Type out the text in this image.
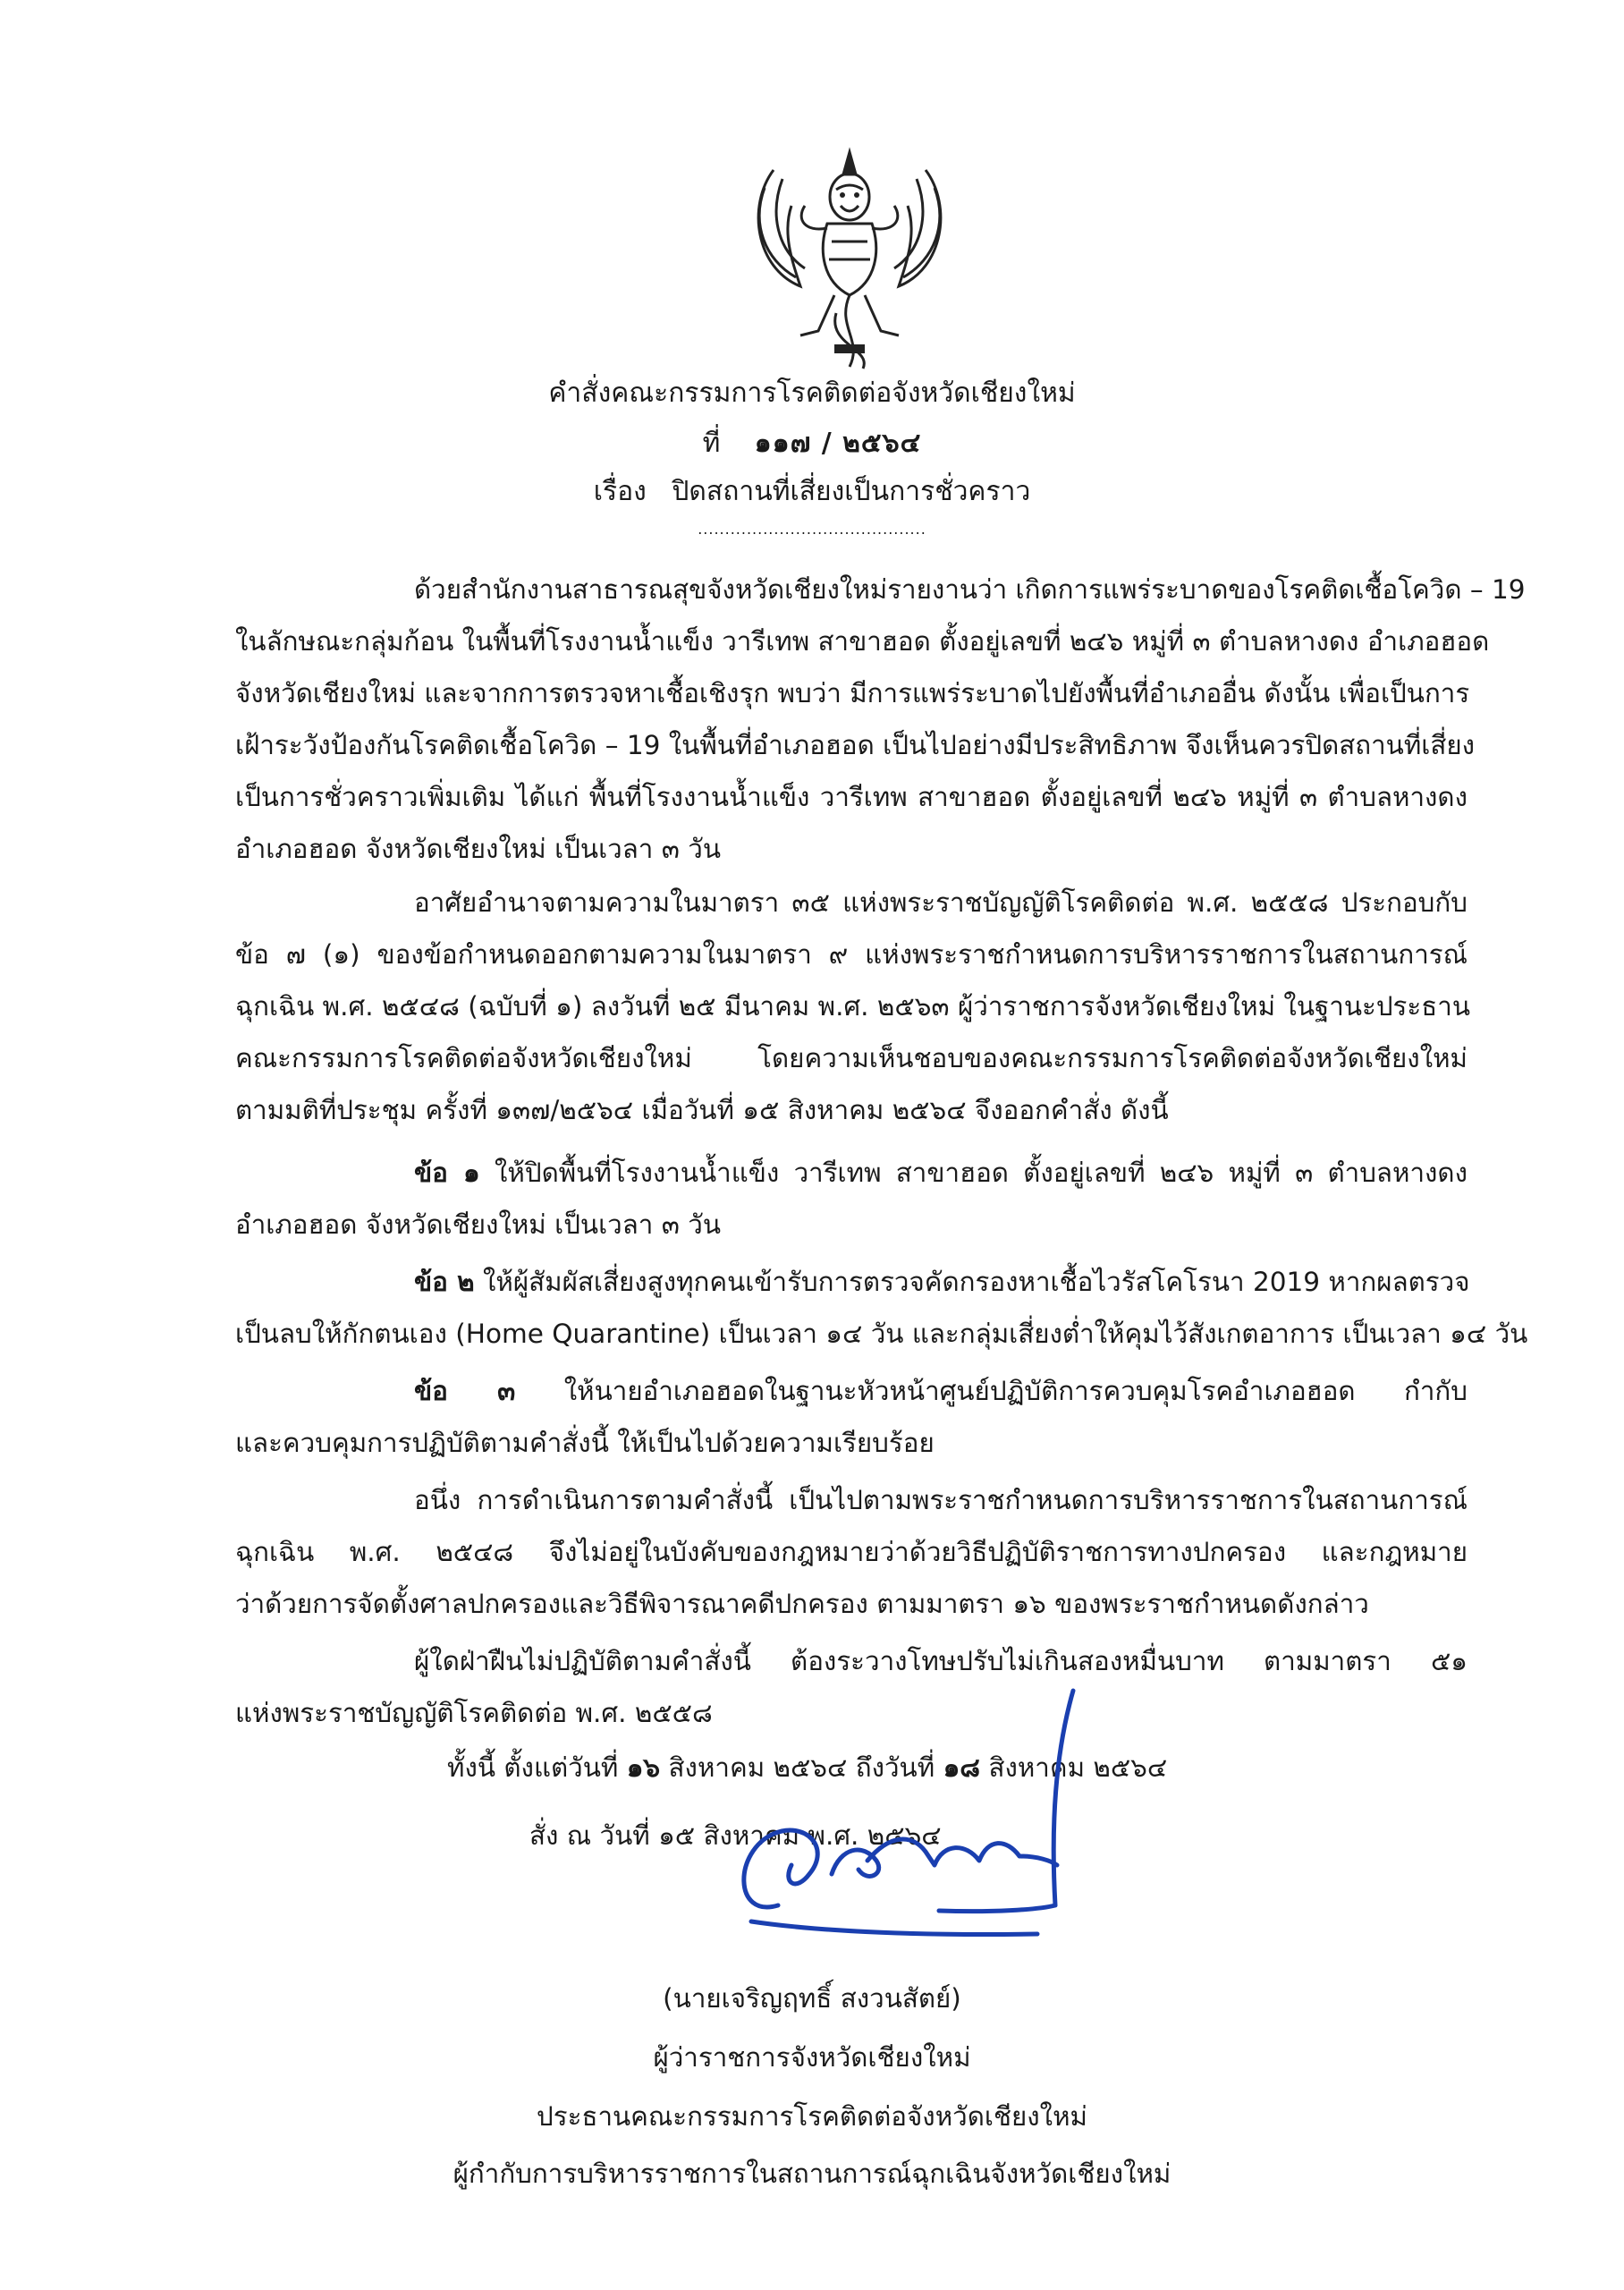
คำสั่งคณะกรรมการโรคติดต่อจังหวัดเชียงใหม่
ที่ ๑๑๗ / ๒๕๖๔
เรื่อง ปิดสถานที่เสี่ยงเป็นการชั่วคราว
..........................................
ด้วยสำนักงานสาธารณสุขจังหวัดเชียงใหม่รายงานว่า เกิดการแพร่ระบาดของโรคติดเชื้อโควิด – 19
ในลักษณะกลุ่มก้อน ในพื้นที่โรงงานน้ำแข็ง วารีเทพ สาขาฮอด ตั้งอยู่เลขที่ ๒๔๖ หมู่ที่ ๓ ตำบลหางดง อำเภอฮอด
จังหวัดเชียงใหม่ และจากการตรวจหาเชื้อเชิงรุก พบว่า มีการแพร่ระบาดไปยังพื้นที่อำเภออื่น ดังนั้น เพื่อเป็นการ
เฝ้าระวังป้องกันโรคติดเชื้อโควิด – 19 ในพื้นที่อำเภอฮอด เป็นไปอย่างมีประสิทธิภาพ จึงเห็นควรปิดสถานที่เสี่ยง
เป็นการชั่วคราวเพิ่มเติม ได้แก่ พื้นที่โรงงานน้ำแข็ง วารีเทพ สาขาฮอด ตั้งอยู่เลขที่ ๒๔๖ หมู่ที่ ๓ ตำบลหางดง
อำเภอฮอด จังหวัดเชียงใหม่ เป็นเวลา ๓ วัน
อาศัยอำนาจตามความในมาตรา ๓๕ แห่งพระราชบัญญัติโรคติดต่อ พ.ศ. ๒๕๕๘ ประกอบกับ
ข้อ ๗ (๑) ของข้อกำหนดออกตามความในมาตรา ๙ แห่งพระราชกำหนดการบริหารราชการในสถานการณ์
ฉุกเฉิน พ.ศ. ๒๕๔๘ (ฉบับที่ ๑) ลงวันที่ ๒๕ มีนาคม พ.ศ. ๒๕๖๓ ผู้ว่าราชการจังหวัดเชียงใหม่ ในฐานะประธาน
คณะกรรมการโรคติดต่อจังหวัดเชียงใหม่ โดยความเห็นชอบของคณะกรรมการโรคติดต่อจังหวัดเชียงใหม่
ตามมติที่ประชุม ครั้งที่ ๑๓๗/๒๕๖๔ เมื่อวันที่ ๑๕ สิงหาคม ๒๕๖๔ จึงออกคำสั่ง ดังนี้
ข้อ ๑ ให้ปิดพื้นที่โรงงานน้ำแข็ง วารีเทพ สาขาฮอด ตั้งอยู่เลขที่ ๒๔๖ หมู่ที่ ๓ ตำบลหางดง
อำเภอฮอด จังหวัดเชียงใหม่ เป็นเวลา ๓ วัน
ข้อ ๒ ให้ผู้สัมผัสเสี่ยงสูงทุกคนเข้ารับการตรวจคัดกรองหาเชื้อไวรัสโคโรนา 2019 หากผลตรวจ
เป็นลบให้กักตนเอง (Home Quarantine) เป็นเวลา ๑๔ วัน และกลุ่มเสี่ยงต่ำให้คุมไว้สังเกตอาการ เป็นเวลา ๑๔ วัน
ข้อ ๓ ให้นายอำเภอฮอดในฐานะหัวหน้าศูนย์ปฏิบัติการควบคุมโรคอำเภอฮอด กำกับ
และควบคุมการปฏิบัติตามคำสั่งนี้ ให้เป็นไปด้วยความเรียบร้อย
อนึ่ง การดำเนินการตามคำสั่งนี้ เป็นไปตามพระราชกำหนดการบริหารราชการในสถานการณ์
ฉุกเฉิน พ.ศ. ๒๕๔๘ จึงไม่อยู่ในบังคับของกฎหมายว่าด้วยวิธีปฏิบัติราชการทางปกครอง และกฎหมาย
ว่าด้วยการจัดตั้งศาลปกครองและวิธีพิจารณาคดีปกครอง ตามมาตรา ๑๖ ของพระราชกำหนดดังกล่าว
ผู้ใดฝ่าฝืนไม่ปฏิบัติตามคำสั่งนี้ ต้องระวางโทษปรับไม่เกินสองหมื่นบาท ตามมาตรา ๕๑
แห่งพระราชบัญญัติโรคติดต่อ พ.ศ. ๒๕๕๘
ทั้งนี้ ตั้งแต่วันที่ ๑๖ สิงหาคม ๒๕๖๔ ถึงวันที่ ๑๘ สิงหาคม ๒๕๖๔
สั่ง ณ วันที่ ๑๕ สิงหาคม พ.ศ. ๒๕๖๔
(นายเจริญฤทธิ์ สงวนสัตย์)
ผู้ว่าราชการจังหวัดเชียงใหม่
ประธานคณะกรรมการโรคติดต่อจังหวัดเชียงใหม่
ผู้กำกับการบริหารราชการในสถานการณ์ฉุกเฉินจังหวัดเชียงใหม่
